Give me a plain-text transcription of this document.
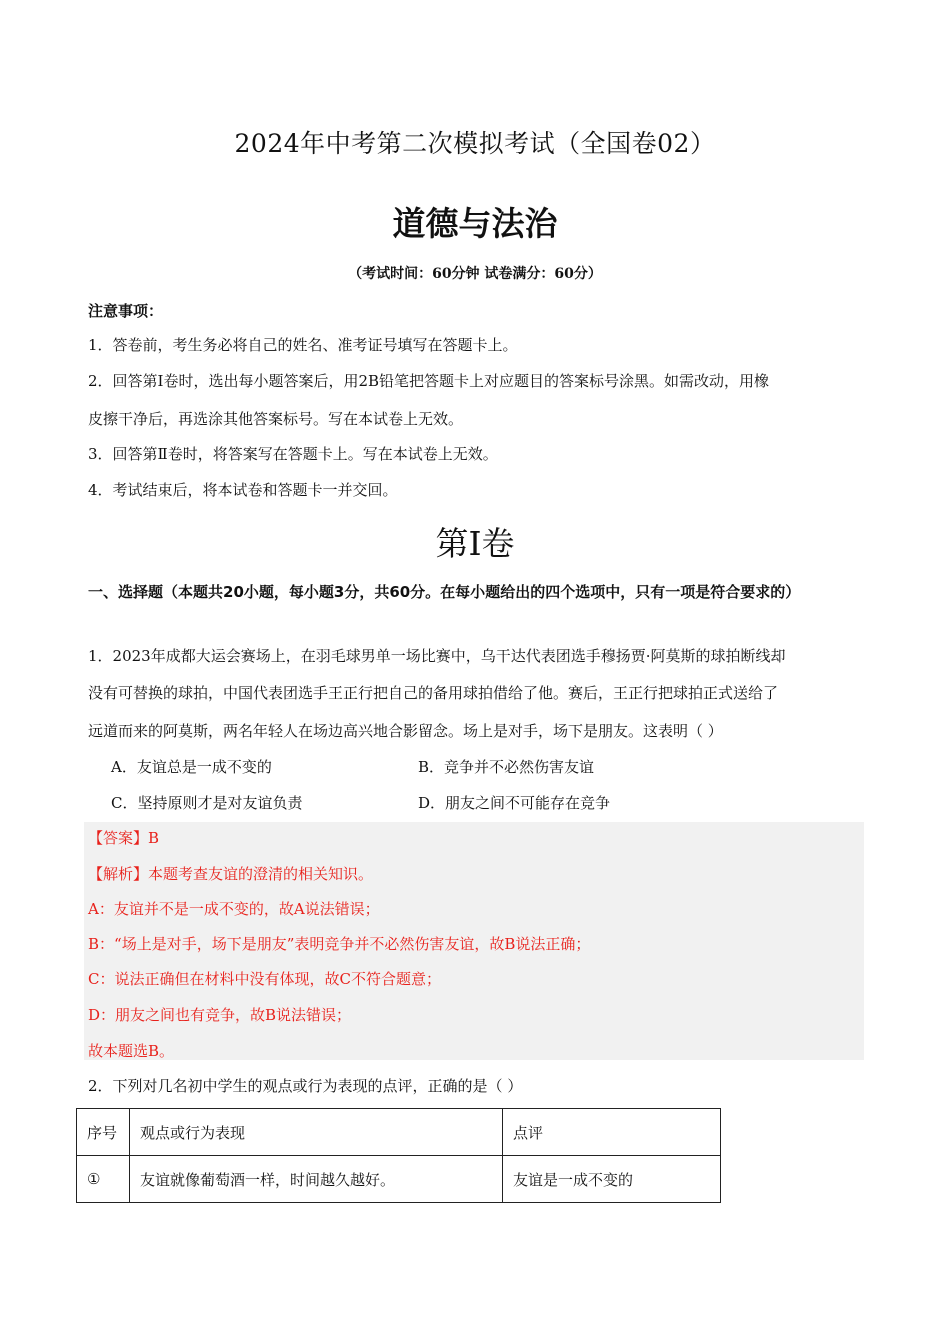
2024年中考第二次模拟考试（全国卷02）
道德与法治
（考试时间：60分钟 试卷满分：60分）
注意事项：
1．答卷前，考生务必将自己的姓名、准考证号填写在答题卡上。
2．回答第Ⅰ卷时，选出每小题答案后，用2B铅笔把答题卡上对应题目的答案标号涂黑。如需改动，用橡
皮擦干净后，再选涂其他答案标号。写在本试卷上无效。
3．回答第Ⅱ卷时，将答案写在答题卡上。写在本试卷上无效。
4．考试结束后，将本试卷和答题卡一并交回。
第Ⅰ卷
一、选择题（本题共20小题，每小题3分，共60分。在每小题给出的四个选项中，只有一项是符合要求的）
1．2023年成都大运会赛场上，在羽毛球男单一场比赛中，乌干达代表团选手穆扬贾·阿莫斯的球拍断线却
没有可替换的球拍，中国代表团选手王正行把自己的备用球拍借给了他。赛后，王正行把球拍正式送给了
远道而来的阿莫斯，两名年轻人在场边高兴地合影留念。场上是对手，场下是朋友。这表明（ ）
A．友谊总是一成不变的	B．竞争并不必然伤害友谊
C．坚持原则才是对友谊负责	D．朋友之间不可能存在竞争
【答案】B
【解析】本题考查友谊的澄清的相关知识。
A：友谊并不是一成不变的，故A说法错误；
B：“场上是对手，场下是朋友”表明竞争并不必然伤害友谊，故B说法正确；
C：说法正确但在材料中没有体现，故C不符合题意；
D：朋友之间也有竞争，故B说法错误；
故本题选B。
2．下列对几名初中学生的观点或行为表现的点评，正确的是（ ）
序号	观点或行为表现	点评
①	友谊就像葡萄酒一样，时间越久越好。	友谊是一成不变的
